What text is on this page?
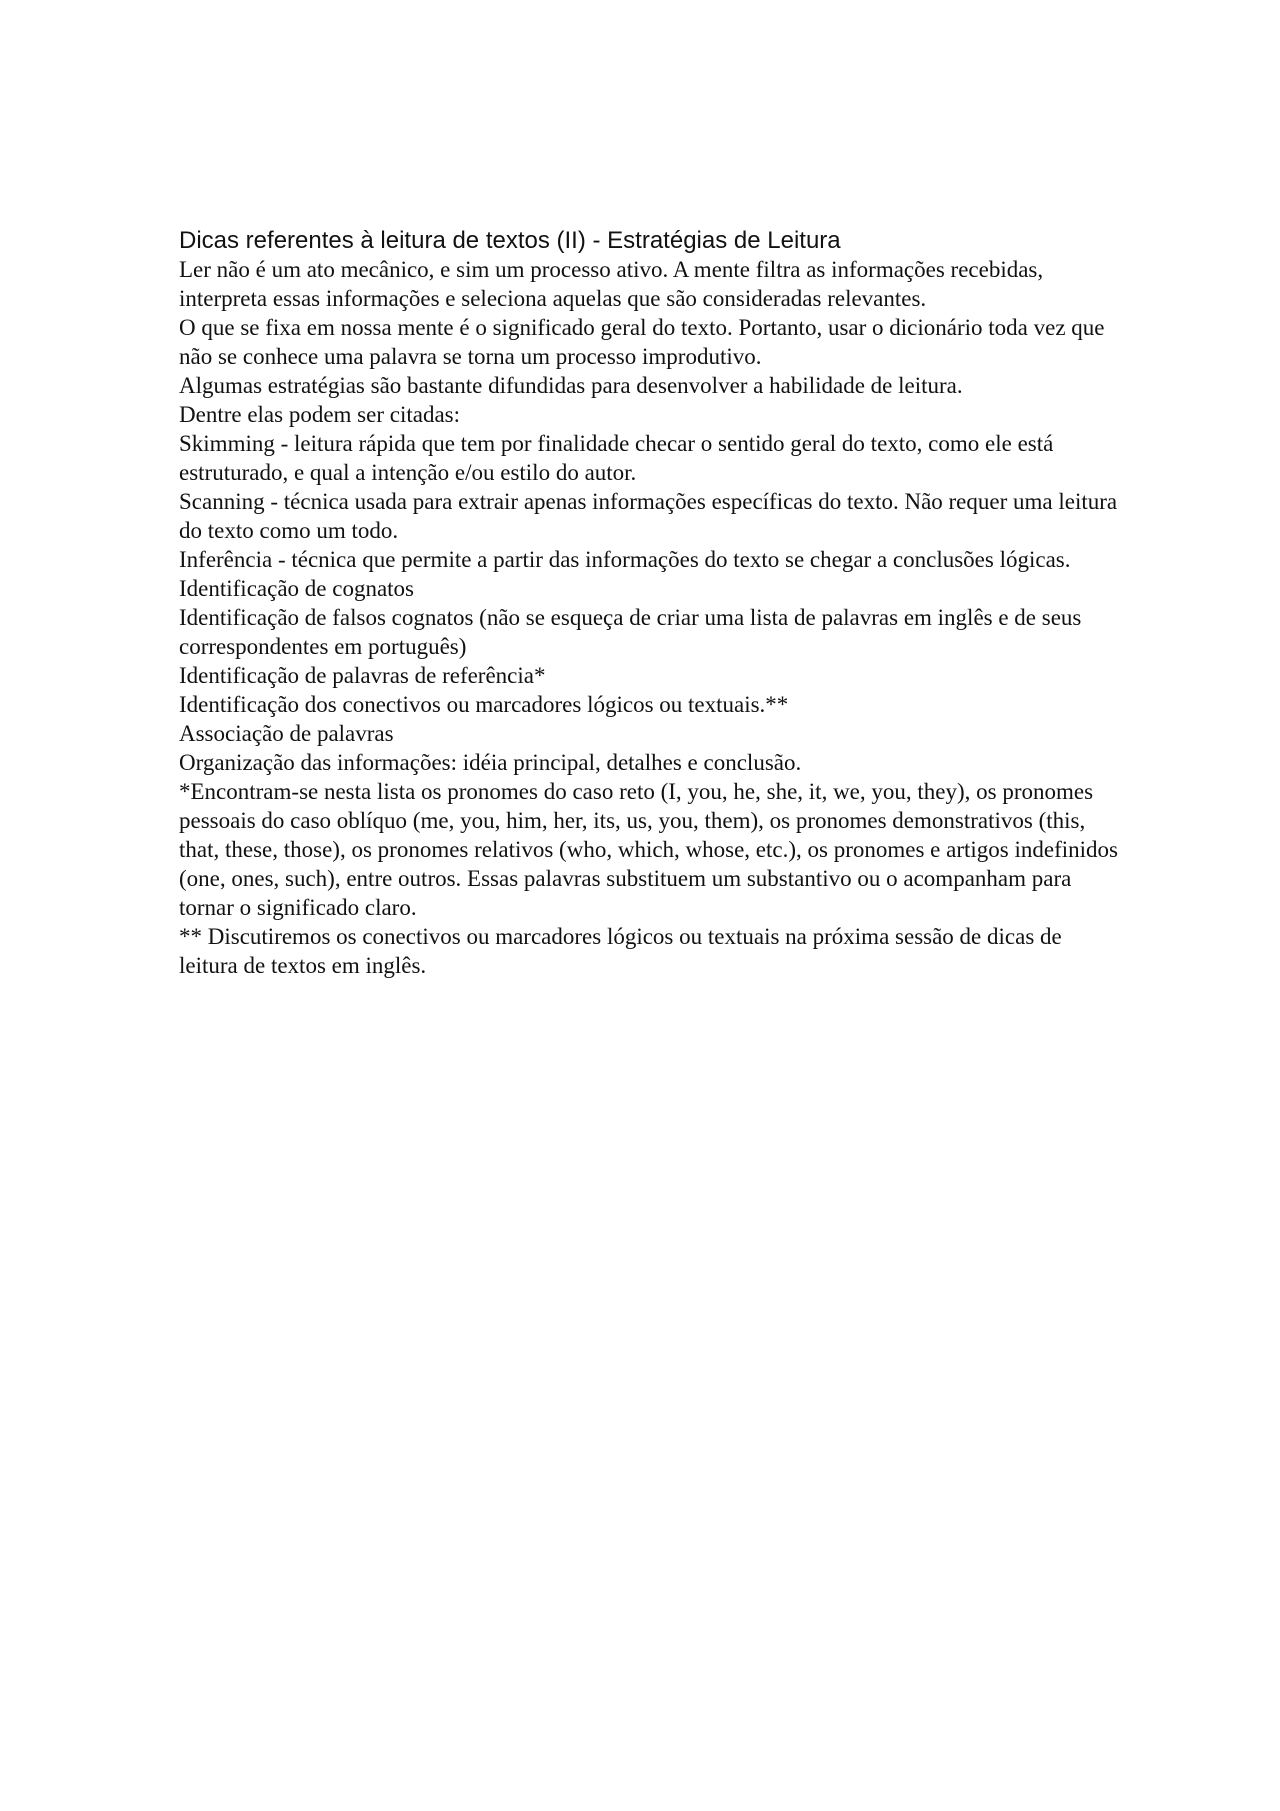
Dicas referentes à leitura de textos (II) - Estratégias de Leitura

Ler não é um ato mecânico, e sim um processo ativo. A mente filtra as informações recebidas, interpreta essas informações e seleciona aquelas que são consideradas relevantes.

O que se fixa em nossa mente é o significado geral do texto. Portanto, usar o dicionário toda vez que não se conhece uma palavra se torna um processo improdutivo.

Algumas estratégias são bastante difundidas para desenvolver a habilidade de leitura.

Dentre elas podem ser citadas:

Skimming - leitura rápida que tem por finalidade checar o sentido geral do texto, como ele está estruturado, e qual a intenção e/ou estilo do autor.

Scanning - técnica usada para extrair apenas informações específicas do texto. Não requer uma leitura do texto como um todo.

Inferência - técnica que permite a partir das informações do texto se chegar a conclusões lógicas.

Identificação de cognatos

Identificação de falsos cognatos (não se esqueça de criar uma lista de palavras em inglês e de seus correspondentes em português)

Identificação de palavras de referência*

Identificação dos conectivos ou marcadores lógicos ou textuais.**

Associação de palavras

Organização das informações: idéia principal, detalhes e conclusão.

*Encontram-se nesta lista os pronomes do caso reto (I, you, he, she, it, we, you, they), os pronomes pessoais do caso oblíquo (me, you, him, her, its, us, you, them), os pronomes demonstrativos (this, that, these, those), os pronomes relativos (who, which, whose, etc.), os pronomes e artigos indefinidos (one, ones, such), entre outros. Essas palavras substituem um substantivo ou o acompanham para tornar o significado claro.

** Discutiremos os conectivos ou marcadores lógicos ou textuais na próxima sessão de dicas de leitura de textos em inglês.
